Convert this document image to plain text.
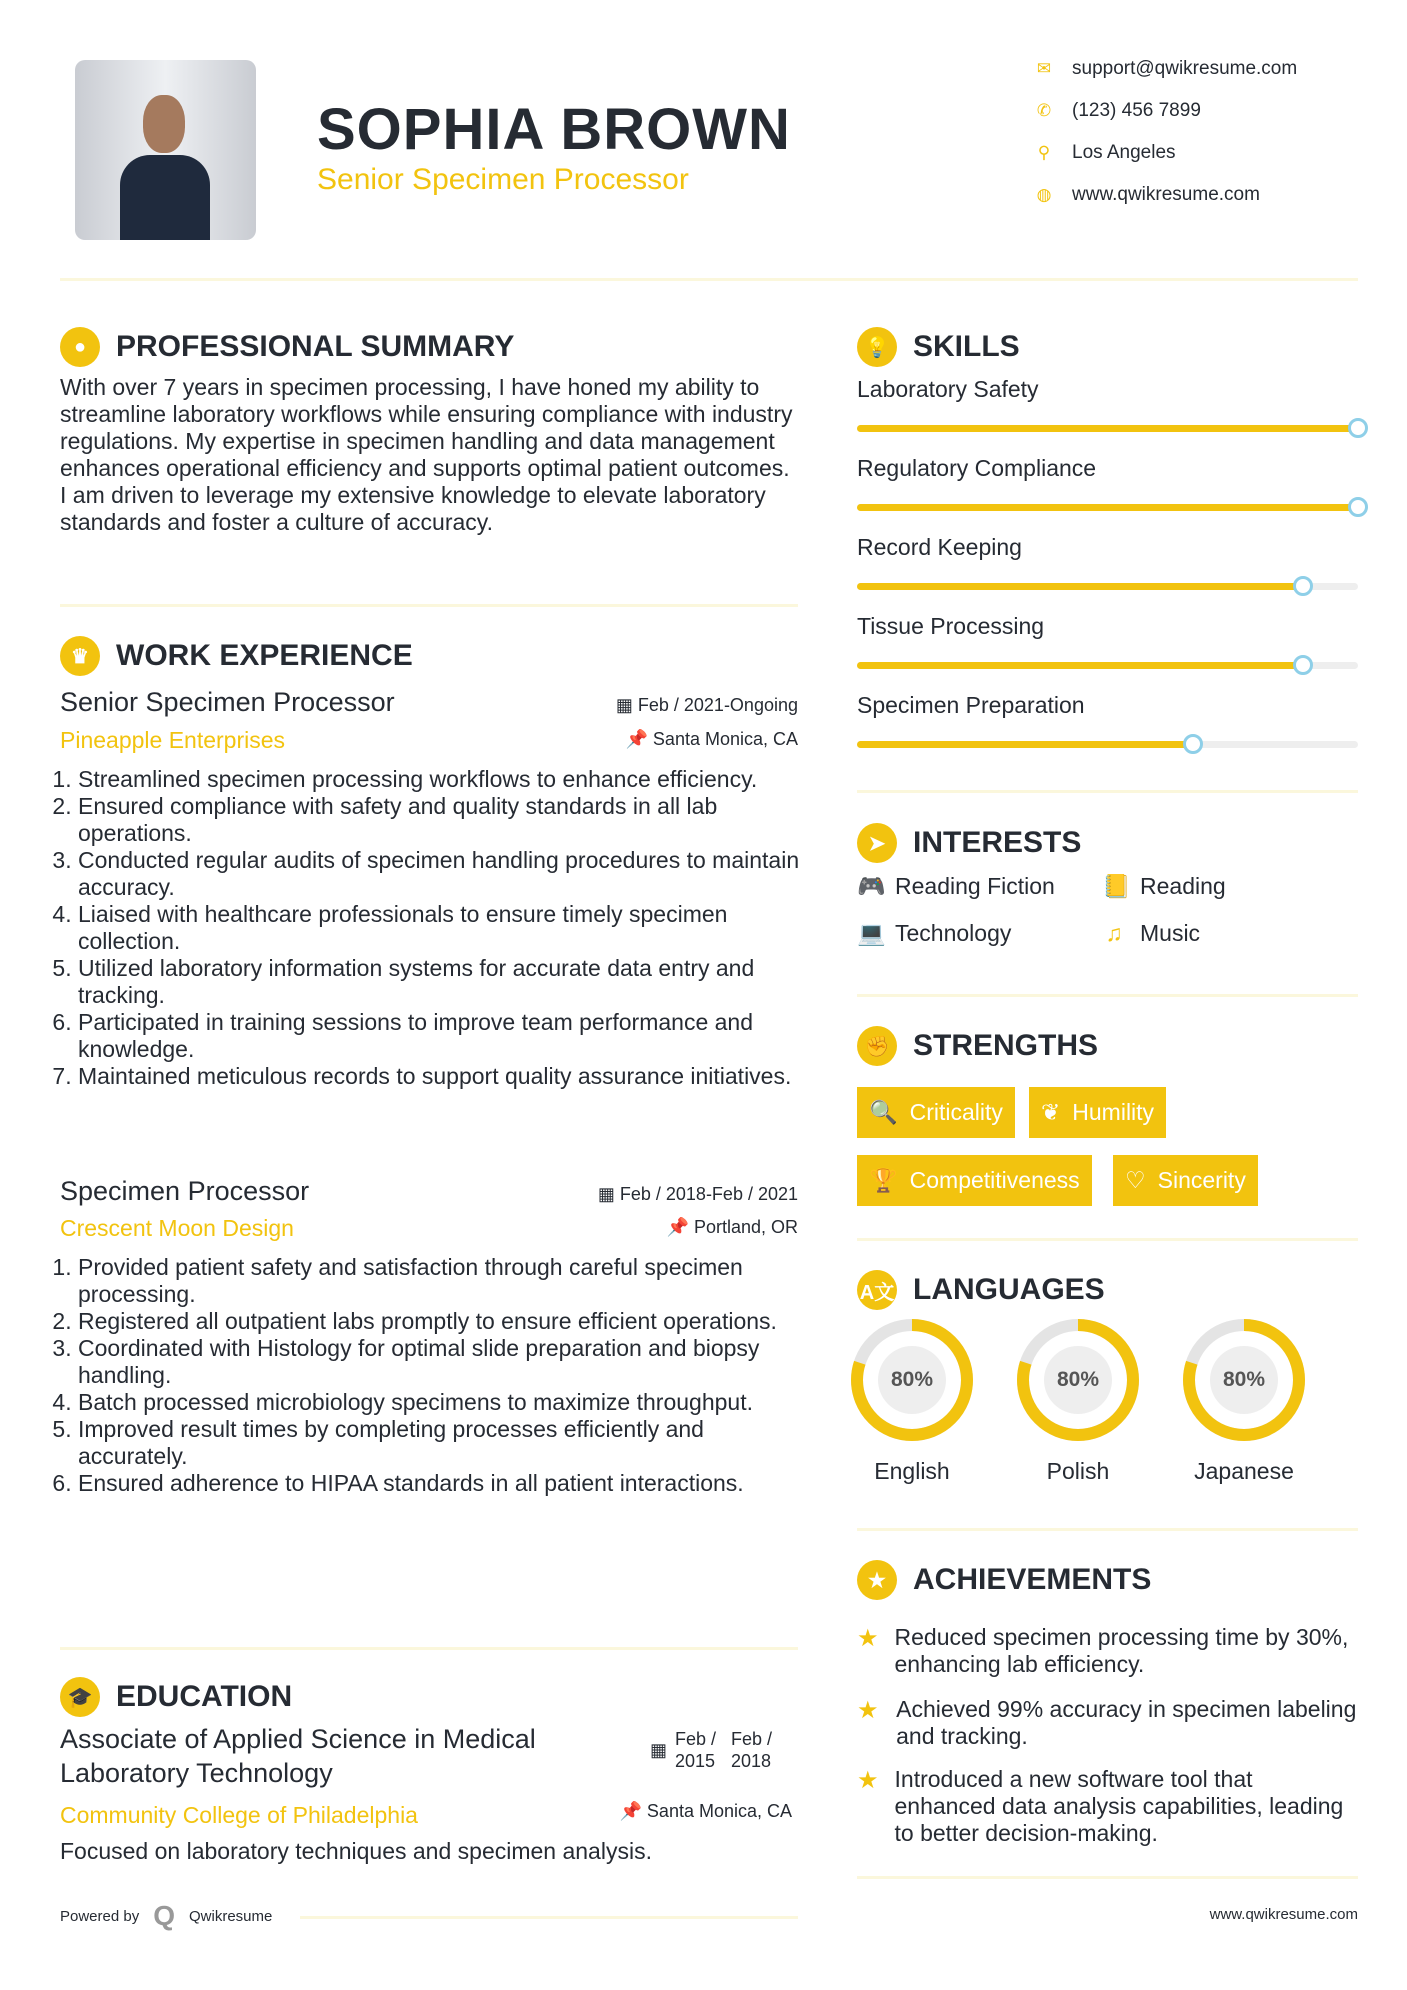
SOPHIA BROWN
Senior Specimen Processor
✉ support@qwikresume.com
✆ (123) 456 7899
⚲ Los Angeles
◍ www.qwikresume.com
● PROFESSIONAL SUMMARY
With over 7 years in specimen processing, I have honed my ability to streamline laboratory workflows while ensuring compliance with industry regulations. My expertise in specimen handling and data management enhances operational efficiency and supports optimal patient outcomes. I am driven to leverage my extensive knowledge to elevate laboratory standards and foster a culture of accuracy.
♛ WORK EXPERIENCE
Senior Specimen Processor	▦ Feb / 2021-Ongoing
Pineapple Enterprises	📌 Santa Monica, CA
1. Streamlined specimen processing workflows to enhance efficiency.
2. Ensured compliance with safety and quality standards in all lab operations.
3. Conducted regular audits of specimen handling procedures to maintain accuracy.
4. Liaised with healthcare professionals to ensure timely specimen collection.
5. Utilized laboratory information systems for accurate data entry and tracking.
6. Participated in training sessions to improve team performance and knowledge.
7. Maintained meticulous records to support quality assurance initiatives.
Specimen Processor	▦ Feb / 2018-Feb / 2021
Crescent Moon Design	📌 Portland, OR
1. Provided patient safety and satisfaction through careful specimen processing.
2. Registered all outpatient labs promptly to ensure efficient operations.
3. Coordinated with Histology for optimal slide preparation and biopsy handling.
4. Batch processed microbiology specimens to maximize throughput.
5. Improved result times by completing processes efficiently and accurately.
6. Ensured adherence to HIPAA standards in all patient interactions.
🎓 EDUCATION
Associate of Applied Science in Medical Laboratory Technology
▦
Feb / 2015
Feb / 2018
Community College of Philadelphia	📌 Santa Monica, CA
Focused on laboratory techniques and specimen analysis.
Powered by Q Qwikresume	www.qwikresume.com
💡 SKILLS
Laboratory Safety
Regulatory Compliance
Record Keeping
Tissue Processing
Specimen Preparation
➤ INTERESTS
🎮 Reading Fiction 📒 Reading
💻 Technology	♫ Music
✊ STRENGTHS
🔍 Criticality ❦ Humility
🏆 Competitiveness ♡ Sincerity
A文 LANGUAGES
80%
English
80%
Polish
80%
Japanese
★ ACHIEVEMENTS
★ Reduced specimen processing time by 30%, enhancing lab efficiency.
★ Achieved 99% accuracy in specimen labeling and tracking.
★ Introduced a new software tool that enhanced data analysis capabilities, leading to better decision-making.
